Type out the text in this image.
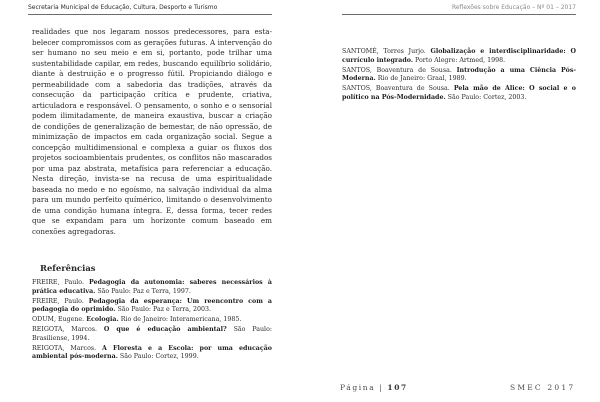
Secretaria Municipal de Educação, Cultura, Desporto e Turismo

realidades que nos legaram nossos predecessores, para estabelecer compromissos com as gerações futuras. A intervenção do ser humano no seu meio e em si, portanto, pode trilhar uma sustentabilidade capilar, em redes, buscando equilíbrio solidário, diante à destruição e o progresso fútil. Propiciando diálogo e permeabilidade com a sabedoria das tradições, através da consecução da participação crítica e prudente, criativa, articuladora e responsável. O pensamento, o sonho e o sensorial podem ilimitadamente, de maneira exaustiva, buscar a criação de condições de generalização de bemestar, de não opressão, de minimização de impactos em cada organização social. Segue a concepção multidimensional e complexa a guiar os fluxos dos projetos socioambientais prudentes, os conflitos não mascarados por uma paz abstrata, metafísica para referenciar a educação. Nesta direção, invista-se na recusa de uma espiritualidade baseada no medo e no egoísmo, na salvação individual da alma para um mundo perfeito químérico, limitando o desenvolvimento de uma condição humana íntegra. E, dessa forma, tecer redes que se expandam para um horizonte comum baseado em conexões agregadoras.

Referências
FREIRE, Paulo. Pedagogia da autonomia: saberes necessários à prática educativa. São Paulo: Paz e Terra, 1997.
FREIRE, Paulo. Pedagogia da esperança: Um reencontro com a pedagogia do oprimido. São Paulo: Paz e Terra, 2003.
ODUM, Eugene. Ecologia. Rio de Janeiro: Interamericana, 1985.
REIGOTA, Marcos. O que é educação ambiental? São Paulo: Brasiliense, 1994.
REIGOTA, Marcos. A Floresta e a Escola: por uma educação ambiental pós-moderna. São Paulo: Cortez, 1999.
Reflexões sobre Educação – Nº 01 – 2017
SANTOMÉ, Torres Jurjo. Globalização e interdisciplinaridade: O currículo integrado. Porto Alegre: Artmed, 1998.
SANTOS, Boaventura de Sousa. Introdução a uma Ciência Pós-Moderna. Rio de Janeiro: Graal, 1989.
SANTOS, Boaventura de Sousa. Pela mão de Alice: O social e o político na Pós-Modernidade. São Paulo: Cortez, 2003.
Página | 107	SMEC 2017
